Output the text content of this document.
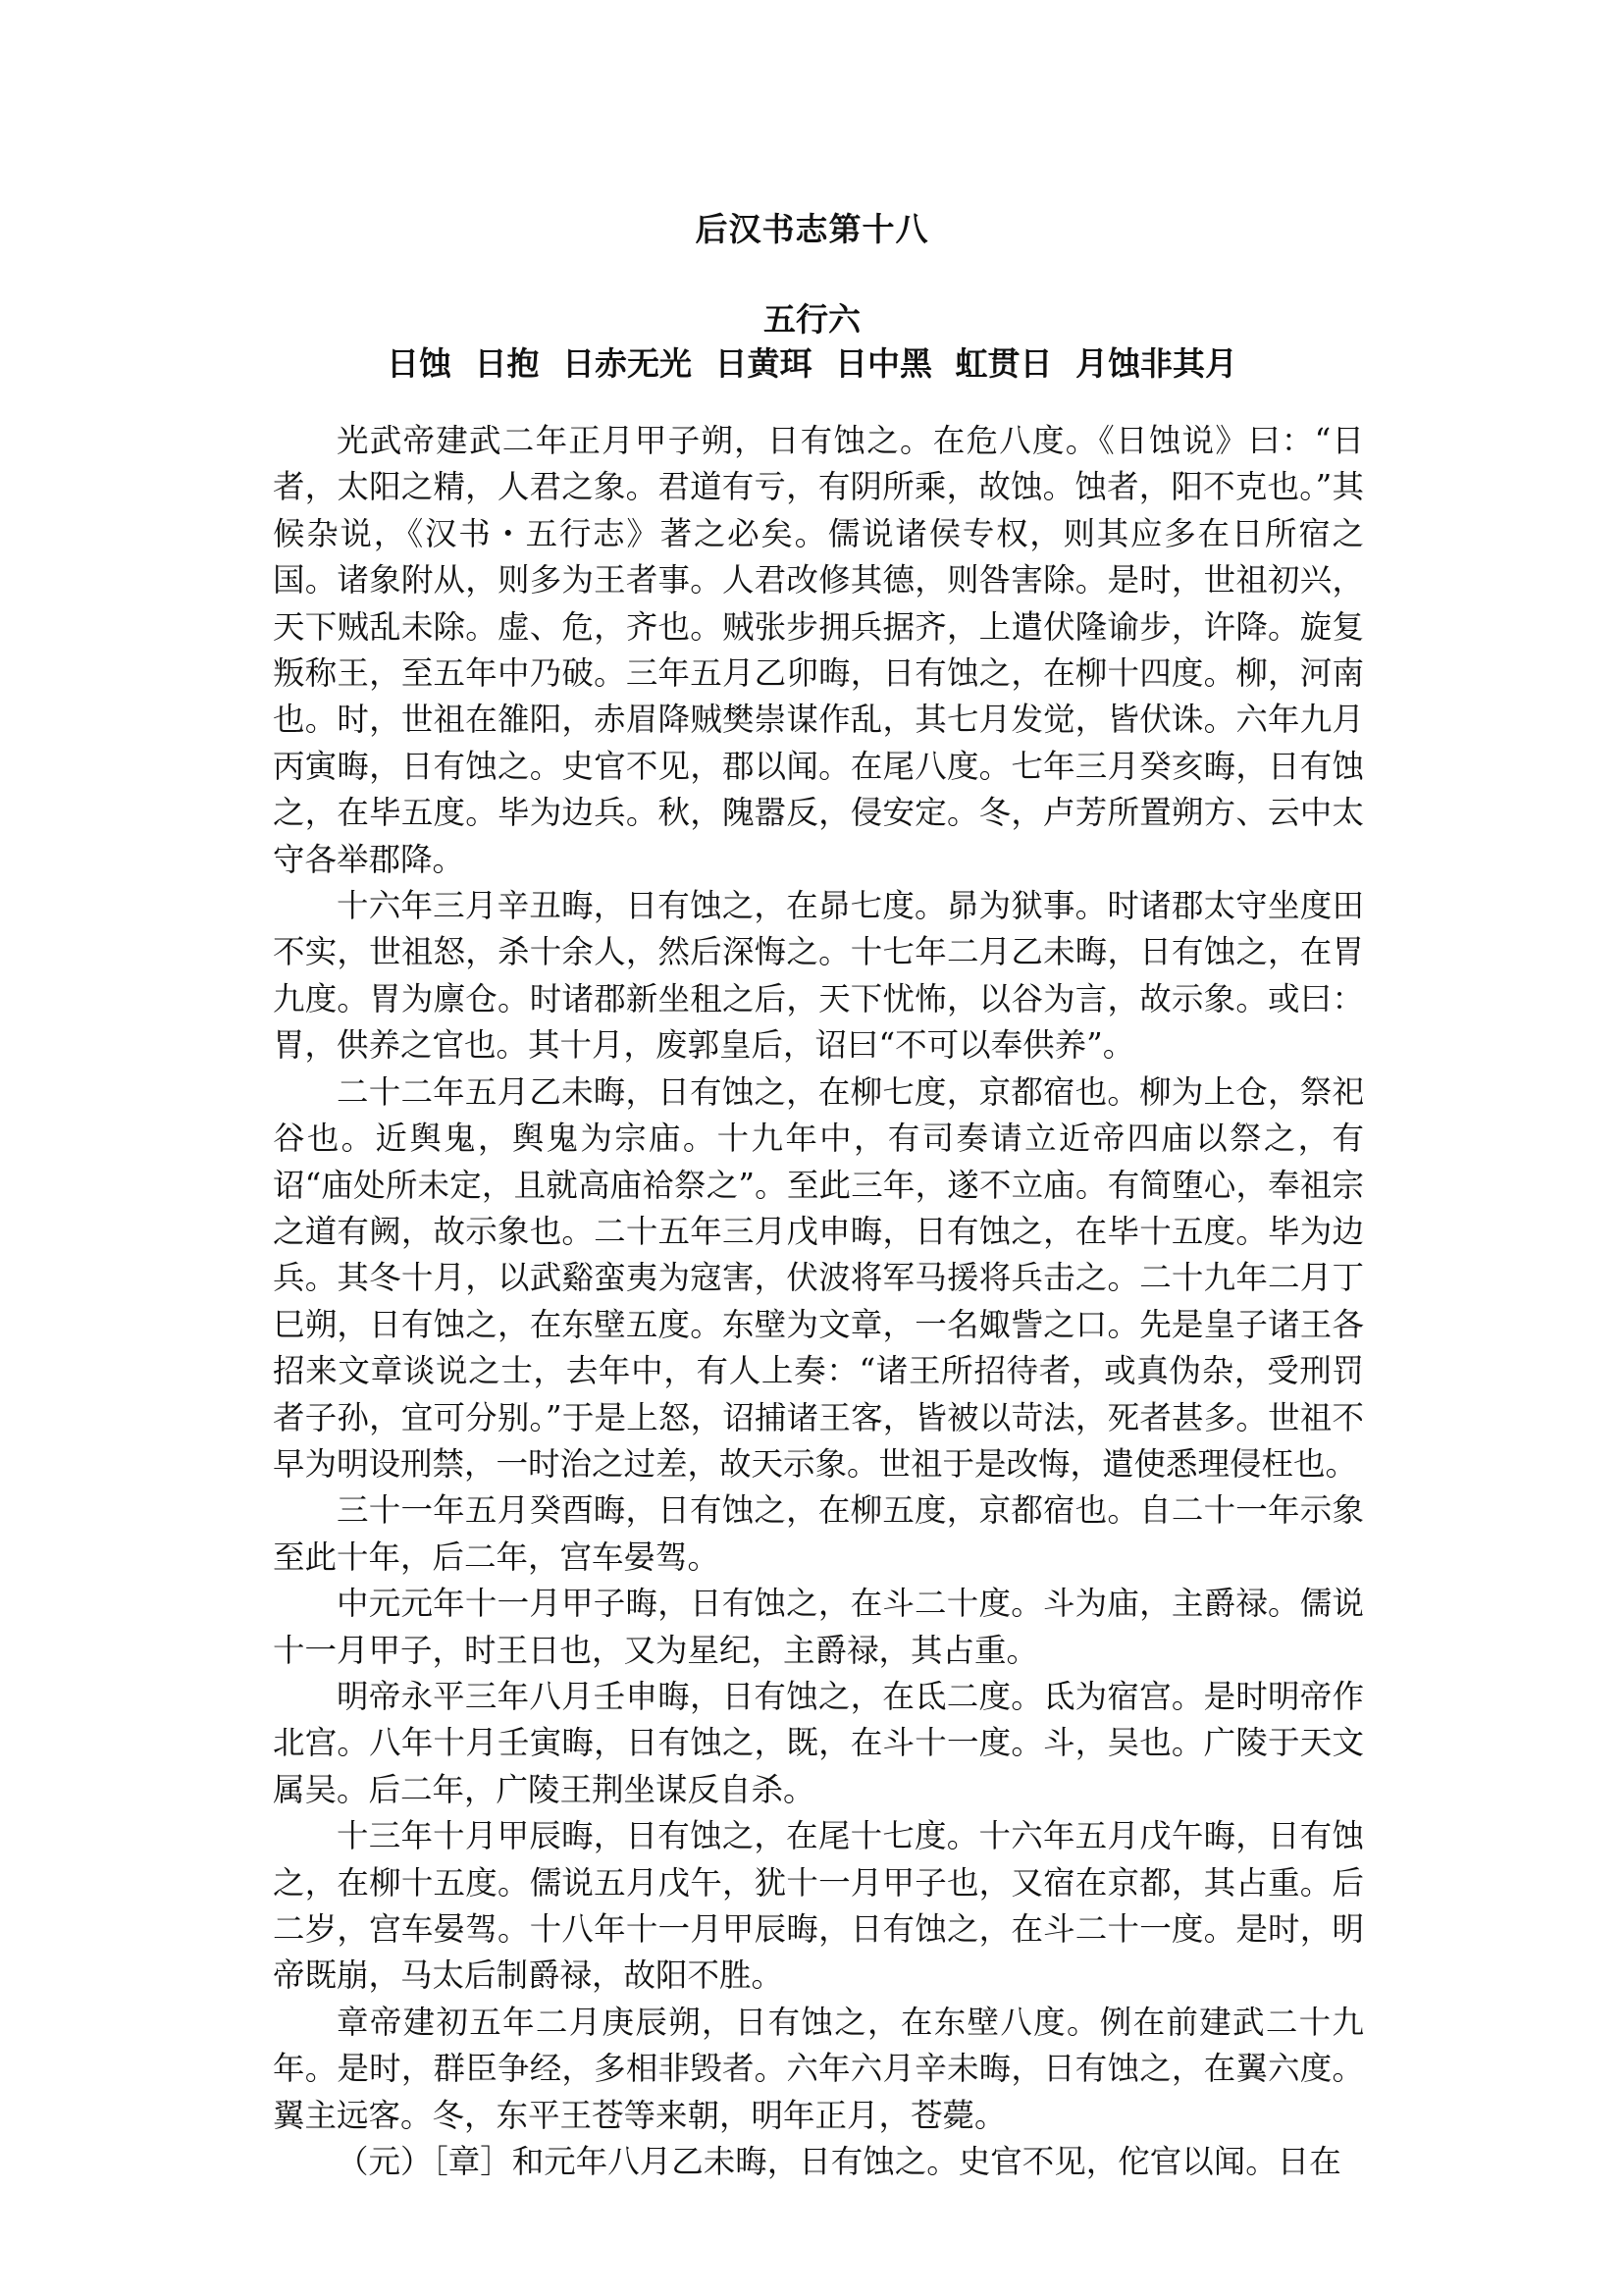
后汉书志第十八
五行六
日蚀 日抱 日赤无光 日黄珥 日中黑 虹贯日 月蚀非其月

光武帝建武二年正月甲子朔，日有蚀之。在危八度。《日蚀说》曰：“日者，太阳之精，人君之象。君道有亏，有阴所乘，故蚀。蚀者，阳不克也。”其候杂说，《汉书・五行志》著之必矣。儒说诸侯专权，则其应多在日所宿之国。诸象附从，则多为王者事。人君改修其德，则咎害除。是时，世祖初兴，天下贼乱未除。虚、危，齐也。贼张步拥兵据齐，上遣伏隆谕步，许降。旋复叛称王，至五年中乃破。三年五月乙卯晦，日有蚀之，在柳十四度。柳，河南也。时，世祖在雒阳，赤眉降贼樊崇谋作乱，其七月发觉，皆伏诛。六年九月丙寅晦，日有蚀之。史官不见，郡以闻。在尾八度。七年三月癸亥晦，日有蚀之，在毕五度。毕为边兵。秋，隗嚣反，侵安定。冬，卢芳所置朔方、云中太守各举郡降。

十六年三月辛丑晦，日有蚀之，在昴七度。昴为狱事。时诸郡太守坐度田不实，世祖怒，杀十余人，然后深悔之。十七年二月乙未晦，日有蚀之，在胃九度。胃为廪仓。时诸郡新坐租之后，天下忧怖，以谷为言，故示象。或曰：胃，供养之官也。其十月，废郭皇后，诏曰“不可以奉供养”。

二十二年五月乙未晦，日有蚀之，在柳七度，京都宿也。柳为上仓，祭祀谷也。近舆鬼，舆鬼为宗庙。十九年中，有司奏请立近帝四庙以祭之，有诏“庙处所未定，且就高庙祫祭之”。至此三年，遂不立庙。有简堕心，奉祖宗之道有阙，故示象也。二十五年三月戊申晦，日有蚀之，在毕十五度。毕为边兵。其冬十月，以武谿蛮夷为寇害，伏波将军马援将兵击之。二十九年二月丁巳朔，日有蚀之，在东壁五度。东壁为文章，一名娵訾之口。先是皇子诸王各招来文章谈说之士，去年中，有人上奏：“诸王所招待者，或真伪杂，受刑罚者子孙，宜可分别。”于是上怒，诏捕诸王客，皆被以苛法，死者甚多。世祖不早为明设刑禁，一时治之过差，故天示象。世祖于是改悔，遣使悉理侵枉也。

三十一年五月癸酉晦，日有蚀之，在柳五度，京都宿也。自二十一年示象至此十年，后二年，宫车晏驾。

中元元年十一月甲子晦，日有蚀之，在斗二十度。斗为庙，主爵禄。儒说十一月甲子，时王日也，又为星纪，主爵禄，其占重。

明帝永平三年八月壬申晦，日有蚀之，在氐二度。氐为宿宫。是时明帝作北宫。八年十月壬寅晦，日有蚀之，既，在斗十一度。斗，吴也。广陵于天文属吴。后二年，广陵王荆坐谋反自杀。

十三年十月甲辰晦，日有蚀之，在尾十七度。十六年五月戊午晦，日有蚀之，在柳十五度。儒说五月戊午，犹十一月甲子也，又宿在京都，其占重。后二岁，宫车晏驾。十八年十一月甲辰晦，日有蚀之，在斗二十一度。是时，明帝既崩，马太后制爵禄，故阳不胜。

章帝建初五年二月庚辰朔，日有蚀之，在东壁八度。例在前建武二十九年。是时，群臣争经，多相非毁者。六年六月辛未晦，日有蚀之，在翼六度。翼主远客。冬，东平王苍等来朝，明年正月，苍薨。

（元）［章］和元年八月乙未晦，日有蚀之。史官不见，佗官以闻。日在
